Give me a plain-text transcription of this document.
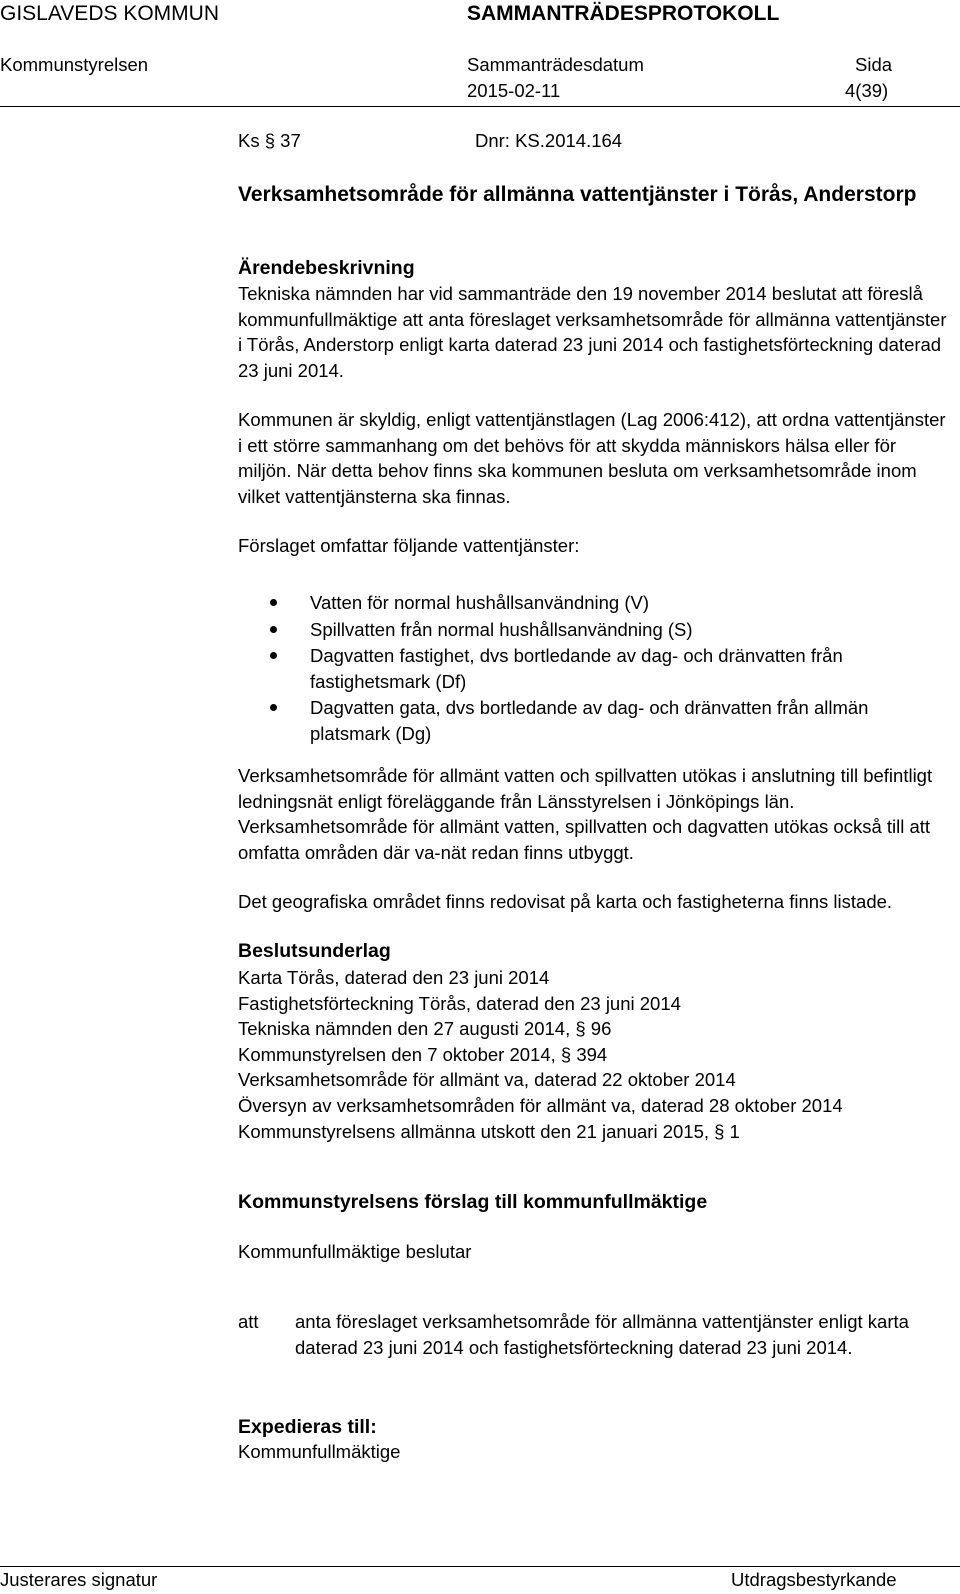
GISLAVEDS KOMMUN	SAMMANTRÄDESPROTOKOLL
Kommunstyrelsen	Sammanträdesdatum
2015-02-11
Sida
4(39)
Ks § 37	Dnr: KS.2014.164
Verksamhetsområde för allmänna vattentjänster i Törås, Anderstorp
Ärendebeskrivning
Tekniska nämnden har vid sammanträde den 19 november 2014 beslutat att föreslå kommunfullmäktige att anta föreslaget verksamhetsområde för allmänna vattentjänster i Törås, Anderstorp enligt karta daterad 23 juni 2014 och fastighetsförteckning daterad 23 juni 2014.
Kommunen är skyldig, enligt vattentjänstlagen (Lag 2006:412), att ordna vattentjänster i ett större sammanhang om det behövs för att skydda människors hälsa eller för miljön. När detta behov finns ska kommunen besluta om verksamhetsområde inom vilket vattentjänsterna ska finnas.
Förslaget omfattar följande vattentjänster:
Vatten för normal hushållsanvändning (V)
Spillvatten från normal hushållsanvändning (S)
Dagvatten fastighet, dvs bortledande av dag- och dränvatten från fastighetsmark (Df)
Dagvatten gata, dvs bortledande av dag- och dränvatten från allmän platsmark (Dg)
Verksamhetsområde för allmänt vatten och spillvatten utökas i anslutning till befintligt ledningsnät enligt föreläggande från Länsstyrelsen i Jönköpings län. Verksamhetsområde för allmänt vatten, spillvatten och dagvatten utökas också till att omfatta områden där va-nät redan finns utbyggt.
Det geografiska området finns redovisat på karta och fastigheterna finns listade.
Beslutsunderlag
Karta Törås, daterad den 23 juni 2014
Fastighetsförteckning Törås, daterad den 23 juni 2014
Tekniska nämnden den 27 augusti 2014, § 96
Kommunstyrelsen den 7 oktober 2014, § 394
Verksamhetsområde för allmänt va, daterad 22 oktober 2014
Översyn av verksamhetsområden för allmänt va, daterad 28 oktober 2014
Kommunstyrelsens allmänna utskott den 21 januari 2015, § 1
Kommunstyrelsens förslag till kommunfullmäktige
Kommunfullmäktige beslutar
att anta föreslaget verksamhetsområde för allmänna vattentjänster enligt karta daterad 23 juni 2014 och fastighetsförteckning daterad 23 juni 2014.
Expedieras till:
Kommunfullmäktige
Justerares signatur	Utdragsbestyrkande
